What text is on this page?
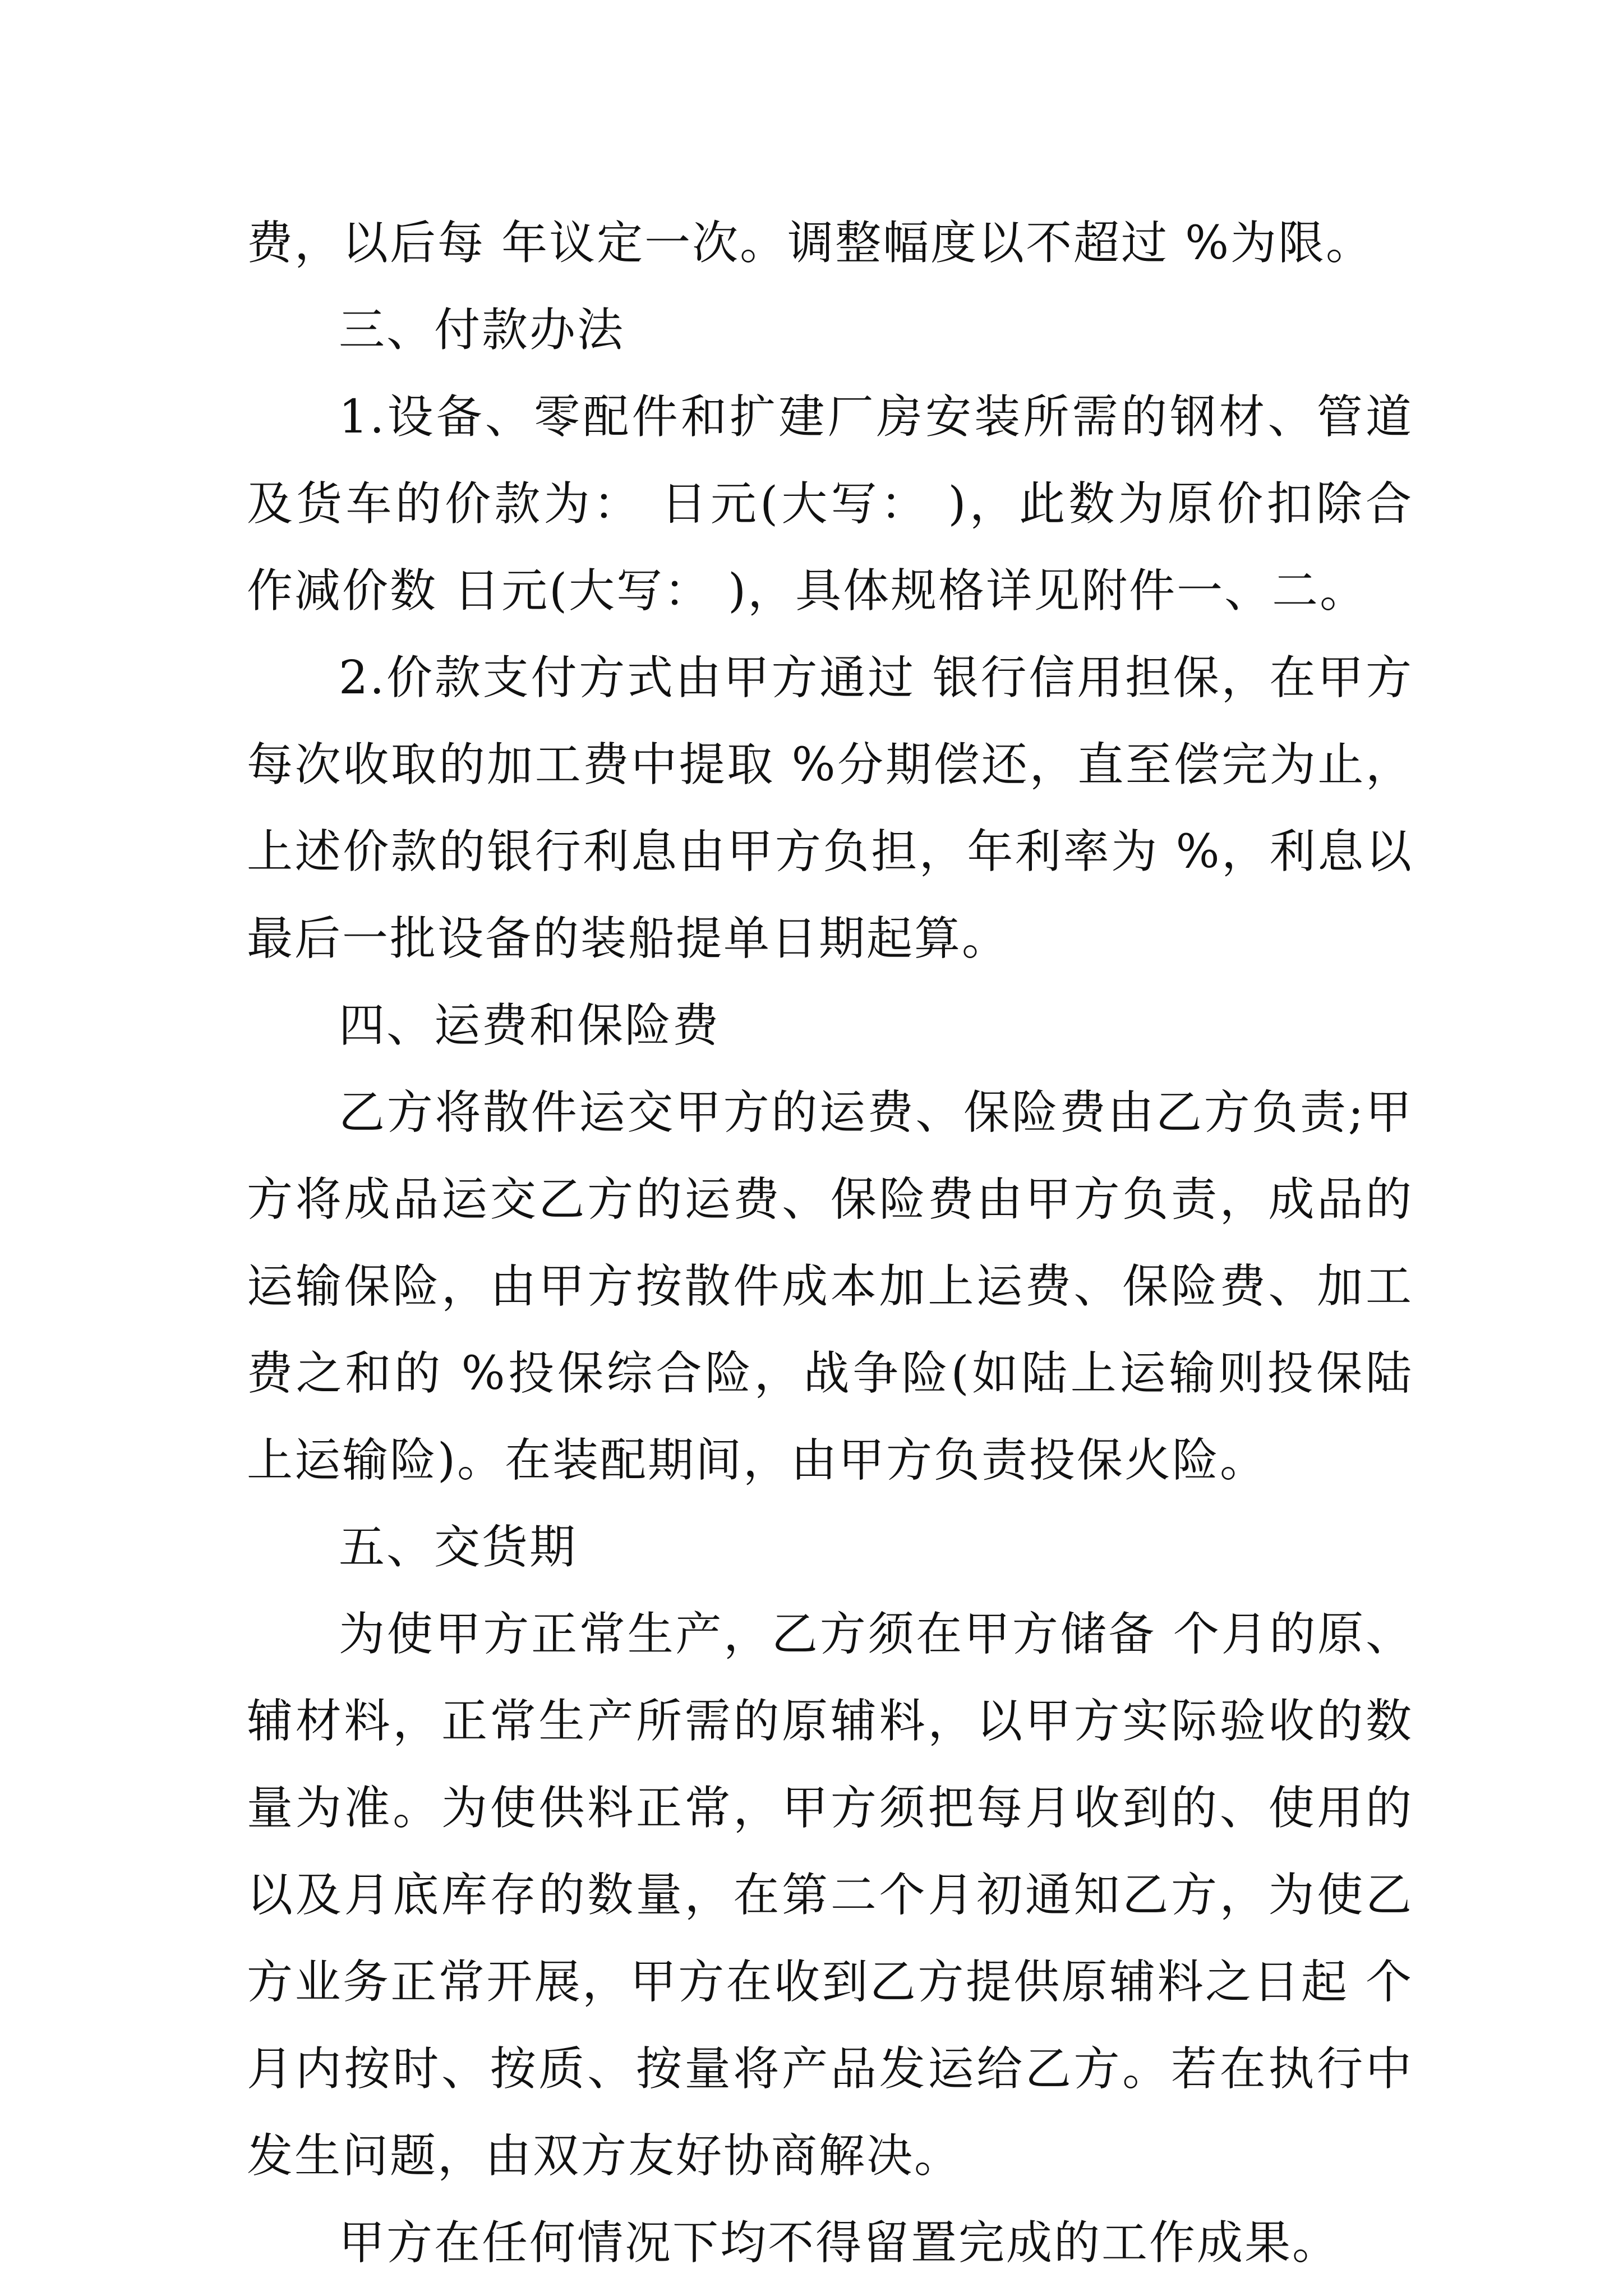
费，以后每 年议定一次。调整幅度以不超过 %为限。

三、付款办法

1.设备、零配件和扩建厂房安装所需的钢材、管道及货车的价款为： 日元(大写： )，此数为原价扣除合作减价数 日元(大写： )，具体规格详见附件一、二。

2.价款支付方式由甲方通过 银行信用担保，在甲方每次收取的加工费中提取 %分期偿还，直至偿完为止，上述价款的银行利息由甲方负担，年利率为 %，利息以最后一批设备的装船提单日期起算。

四、运费和保险费

乙方将散件运交甲方的运费、保险费由乙方负责;甲方将成品运交乙方的运费、保险费由甲方负责，成品的运输保险，由甲方按散件成本加上运费、保险费、加工费之和的 %投保综合险，战争险(如陆上运输则投保陆上运输险)。在装配期间，由甲方负责投保火险。

五、交货期

为使甲方正常生产，乙方须在甲方储备 个月的原、辅材料，正常生产所需的原辅料，以甲方实际验收的数量为准。为使供料正常，甲方须把每月收到的、使用的以及月底库存的数量，在第二个月初通知乙方，为使乙方业务正常开展，甲方在收到乙方提供原辅料之日起 个月内按时、按质、按量将产品发运给乙方。若在执行中发生问题，由双方友好协商解决。

甲方在任何情况下均不得留置完成的工作成果。
